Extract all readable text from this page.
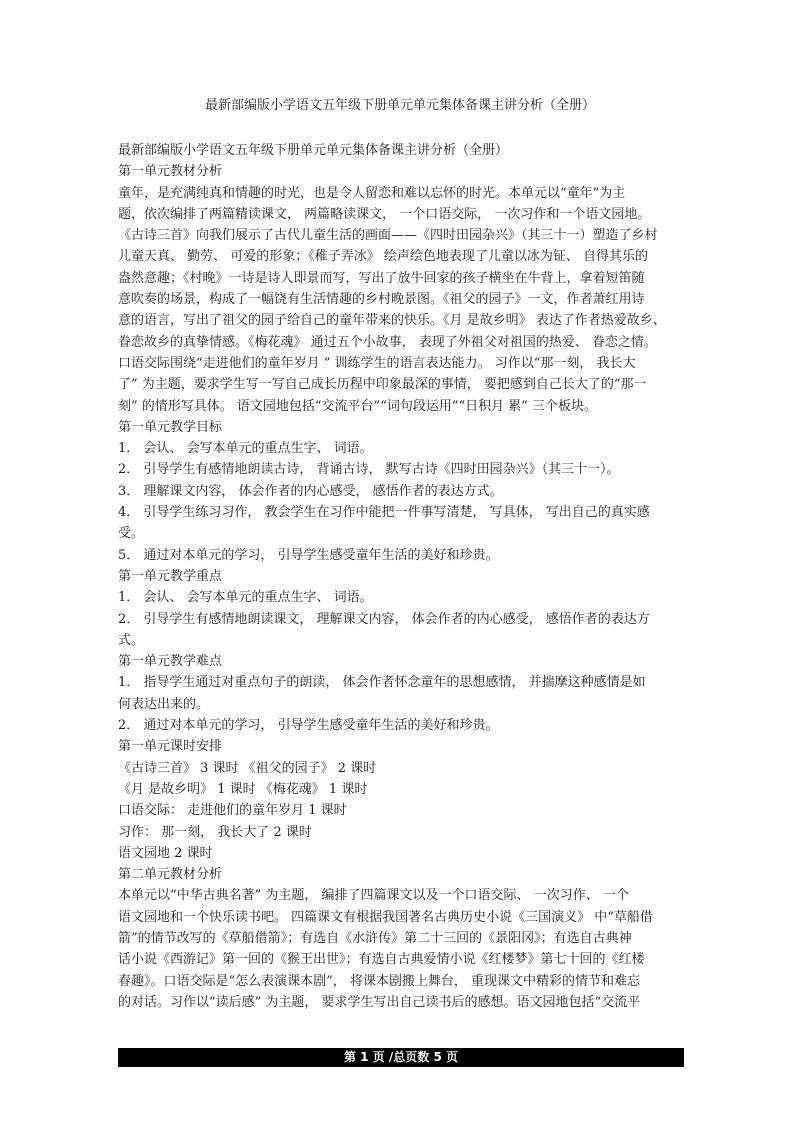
最新部编版小学语文五年级下册单元单元集体备课主讲分析（全册）
最新部编版小学语文五年级下册单元单元集体备课主讲分析（全册）
第一单元教材分析
童年，是充满纯真和情趣的时光，也是令人留恋和难以忘怀的时光。本单元以“童年”为主
题，依次编排了两篇精读课文， 两篇略读课文， 一个口语交际， 一次习作和一个语文园地。
《古诗三首》向我们展示了古代儿童生活的画面——《四时田园杂兴》（其三十一）塑造了乡村
儿童天真、 勤劳、 可爱的形象；《稚子弄冰》 绘声绘色地表现了儿童以冰为钲、 自得其乐的
盎然意趣；《村晚》一诗是诗人即景而写，写出了放牛回家的孩子横坐在牛背上，拿着短笛随
意吹奏的场景，构成了一幅饶有生活情趣的乡村晚景图。《祖父的园子》一文，作者萧红用诗
意的语言，写出了祖父的园子给自己的童年带来的快乐。《月 是故乡明》 表达了作者热爱故乡、
眷恋故乡的真挚情感。《梅花魂》 通过五个小故事， 表现了外祖父对祖国的热爱、 眷恋之情。
口语交际围绕“走进他们的童年岁月 ” 训练学生的语言表达能力。 习作以“那一刻， 我长大
了” 为主题，要求学生写一写自己成长历程中印象最深的事情， 要把感到自己长大了的“那一
刻” 的情形写具体。 语文园地包括“交流平台”“词句段运用”“日积月 累” 三个板块。
第一单元教学目标
1． 会认、 会写本单元的重点生字、 词语。
2． 引导学生有感情地朗读古诗， 背诵古诗， 默写古诗《四时田园杂兴》（其三十一）。
3． 理解课文内容， 体会作者的内心感受， 感悟作者的表达方式。
4． 引导学生练习习作， 教会学生在习作中能把一件事写清楚， 写具体， 写出自己的真实感
受。
5． 通过对本单元的学习， 引导学生感受童年生活的美好和珍贵。
第一单元教学重点
1． 会认、 会写本单元的重点生字、 词语。
2． 引导学生有感情地朗读课文， 理解课文内容， 体会作者的内心感受， 感悟作者的表达方
式。
第一单元教学难点
1． 指导学生通过对重点句子的朗读， 体会作者怀念童年的思想感情， 并揣摩这种感情是如
何表达出来的。
2． 通过对本单元的学习， 引导学生感受童年生活的美好和珍贵。
第一单元课时安排
《古诗三首》 3 课时 《祖父的园子》 2 课时
《月 是故乡明》 1 课时 《梅花魂》 1 课时
口语交际： 走进他们的童年岁月 1 课时
习作： 那一刻， 我长大了 2 课时
语文园地 2 课时
第二单元教材分析
本单元以“中华古典名著” 为主题， 编排了四篇课文以及一个口语交际、 一次习作、 一个
语文园地和一个快乐读书吧。 四篇课文有根据我国著名古典历史小说《三国演义》 中“草船借
箭”的情节改写的《草船借箭》；有选自《水浒传》第二十三回的《景阳冈》；有选自古典神
话小说《西游记》第一回的《猴王出世》；有选自古典爱情小说《红楼梦》第七十回的《红楼
春趣》。口语交际是“怎么表演课本剧”， 将课本剧搬上舞台， 重现课文中精彩的情节和难忘
的对话。习作以“读后感” 为主题， 要求学生写出自己读书后的感想。语文园地包括“交流平
第 1 页 /总页数 5 页
